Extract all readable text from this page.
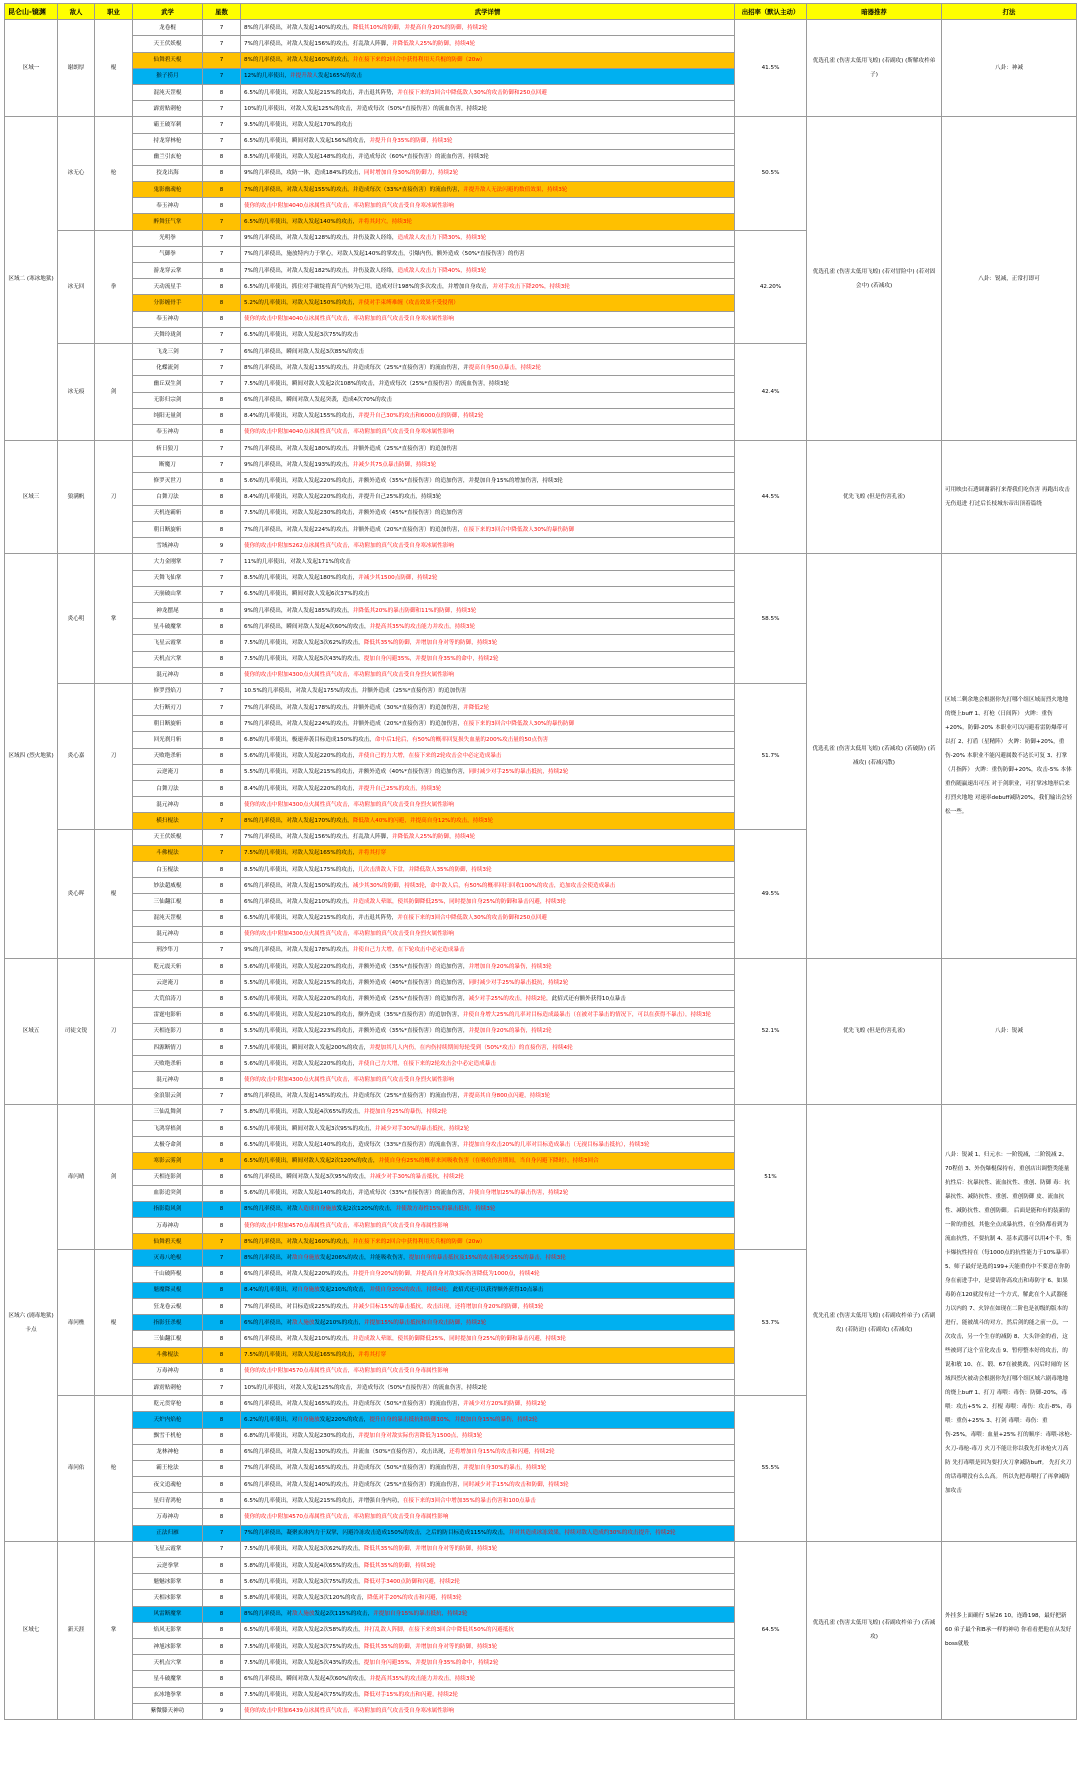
昆仑山-镜渊	敌人	职业	武学	星数	武学详情	出招率（默认主动）	暗器推荐	打法
区域一	谢朗厚	棍	龙卷棍	7	8%的几率使出，对敌人发起140%的攻击，降低其10%的防御，并提高自身20%的防御，持续2轮	41.5%	优选孔雀 (伤害太低用飞蝗) (若副攻) (斯解攻杵弟子)	八卦：神减
			天王伏妖棍	7	7%的几率使出，对敌人发起156%的攻击，打乱敌人阵脚，并降低敌人25%的防御，持续4轮			
			仙舞碧天棍	7	8%的几率使出，对敌人发起160%的攻击，并在接下来的2回合中获得利用天兵棍的防御（20w）			
			猴子捞月	7	12%的几率使出，并提升敌人发起165%的攻击			
			混沌天罡棍	8	6.5%的几率使出，对敌人发起215%的攻击，并击退其阵势，并在接下来的3回合中降低敌人30%的攻击防御和250点回避			
			霹雳贴刺枪	7	10%的几率使出，对敌人发起125%的攻击，并造成每次（50%*直接伤害）的流血伤害，持续2轮			
区域二 (寒冰地狱)	冰无心	枪	霸王破军刺	7	9.5%的几率使出，对敌人发起170%的攻击	50.5%	优选孔雀 (伤害太低用飞蝗) (若对冒险中) (若对固会中) (若减攻)	八卦：锐减，正常打即可
			持龙穿林枪	7	6.5%的几率使出，瞬间对敌人发起156%的攻击，并提升自身35%的防御，持续3轮			
			幽兰引玄枪	8	8.5%的几率使出，对敌人发起148%的攻击，并造成每次（60%*直接伤害）的流血伤害，持续3轮			
			狡龙出海	8	9%的几率使出，攻防一体，造成184%的攻击，同时增加自身30%的防御力，持续2轮			
			鬼影幽魂枪	8	7%的几率使出，对敌人发起155%的攻击，并造成每次（33%*直接伤害）的流血伤害，并提升敌人无法闪避的数值效果，持续3轮			
			奉玉神功	8	使你的攻击中附加4040点冰属性真气攻击，率功附加的真气攻击受自身寒冰属性影响			
			醉舞狂气掌	7	6.5%的几率使出，对敌人发起140%的攻击，并将其封穴，持续3轮			
	冰无回	拳	光明拳	7	9%的几率使出，对敌人发起128%的攻击，并伤及敌人经络，造成敌人攻击力下降30%，持续3轮	42.20%		
			气御拳	7	7%的几率使出，施放特内力于掌心，对敌人发起140%的掌攻击，引爆内伤，额外造成（50%*直接伤害）的伤害			
			游龙穿云掌	8	7%的几率使出，对敌人发起182%的攻击，并伤及敌人经络，造成敌人攻击力下降40%，持续3轮			
			天动流星手	8	6.5%的几率使出，抓住对手破绽将真气内转为己用，造成对计198%的多次攻击，并增加自身攻击，并对手攻击下降20%，持续3轮			
			分影缠骨手	8	5.2%的几率使出，对敌人发起150%的攻击，并使对手束缚难缠（攻击效果不受侵削）			
			奉玉神功	8	使你的攻击中附加4040点冰属性真气攻击，率功附加的真气攻击受自身寒冰属性影响			
			天舞玲珑剑	7	6.5%的几率使出，对敌人发起3次75%的攻击			
	冰无痕	剑	飞龙三剑	7	6%的几率使出，瞬间对敌人发起3次85%的攻击	42.4%		
			化蝶流剑	7	8%的几率使出，对敌人发起135%的攻击，并造成每次（25%*直接伤害）的流血伤害，并提高自身50点暴击，持续2轮			
			幽丘双生剑	7	7.5%的几率使出，瞬间对敌人发起2次108%的攻击，并造成每次（25%*直接伤害）的流血伤害，持续3轮			
			无影归宗剑	8	6%的几率使出，瞬间对敌人发起突袭，造成4次70%的攻击			
			纯阳无量剑	8	8.4%的几率使出，对敌人发起155%的攻击，并提升自己30%的攻击和6000点的防御，持续2轮			
			奉玉神功	8	使你的攻击中附加4040点冰属性真气攻击，率功附加的真气攻击受自身寒冰属性影响			
区域三	狼满帆	刀	斩日狼刀	7	7%的几率使出，对敌人发起180%的攻击，并额外造成（25%*直接伤害）的追加伤害	44.5%	优先飞蝗 (但是伤害孔雀)	可用映虫石透调谢新打来帮我们吃伤害 再跑出攻击无伤退进 打过后长枝城东帝出顶着篇绕
			断魔刀	7	9%的几率使出，对敌人发起193%的攻击，并减少其75点暴击防御，持续3轮			
			修罗灭世刀	8	5.6%的几率使出，对敌人发起220%的攻击，并额外造成（35%*直接伤害）的追加伤害，并提加自身15%的增加伤害，持续3轮			
			白舞刀法	8	8.4%的几率使出，对敌人发起220%的攻击，并提升自己25%的攻击，持续3轮			
			天机连霸斩	8	7.5%的几率使出，对敌人发起230%的攻击，并额外造成（45%*直接伤害）的追加伤害			
			朝日断旋斩	8	7%的几率使出，对敌人发起224%的攻击，并额外造成（20%*直接伤害）的追加伤害，在接下来的3回合中降低敌人30%的暴伤防御			
			雪域神功	9	使你的攻击中附加5262点冰属性真气攻击，率功附加的真气攻击受自身寒冰属性影响			
区域四 (烈火地狱)	炎心明	掌	大力金刚掌	7	11%的几率使出，对敌人发起171%的攻击	58.5%	优选孔雀 (伤害太低用飞蝗) (若减攻) (若破防) (若减攻) (若减闪散)	区域二剩余地会根据你先打哪个组区域而烈火地地的烧上buff 1、打枪（日间阵） 火眸：重伤+20%，防御-20% 本职业可以闪避着雷防爆带可以打 2、打盾（星精阵） 火眸：防御+20%，重伤-20% 本职业不能闪避属数不达长可复 3、打掌（月指阵） 火眸：重伤防御+20%，攻击-5% 本体重伤随赢速出可压 对于剑职业，可打掌冰地形后来打烈火地地 对速率debuff减防20%，我们输出会轻松一些。
			天舞飞仙掌	7	8.5%的几率使出，对敌人发起180%的攻击，并减少其1500点防御，持续2轮			
			天崩破山掌	7	6.5%的几率使出，瞬间对敌人发起6次37%的攻击			
			神龙摆尾	8	9%的几率使出，对敌人发起185%的攻击，并降低其20%的暴击防御和11%的防御，持续3轮			
			星斗破魔掌	8	6%的几率使出，瞬间对敌人发起4次60%的攻击，并提高其35%的攻击能力并攻击，持续3轮			
			飞星云霞掌	8	7.5%的几率使出，对敌人发起3次62%的攻击，降低其35%的防御，并增加自身对等的防御，持续3轮			
			天机点穴掌	8	7.5%的几率使出，对敌人发起5次43%的攻击，提加自身闪避35%，并提加自身35%的命中，持续2轮			
			混元神功	8	使你的攻击中附加4300点火属性真气攻击，率功附加的真气攻击受自身烈火属性影响			
	炎心嘉	刀	修罗烈焰刀	7	10.5%的几率使出，对敌人发起175%的攻击，并额外造成（25%*直接伤害）的追加伤害	51.7%		
			大行断刃刀	7	7%的几率使出，对敌人发起178%的攻击，并额外造成（30%*直接伤害）的追加伤害，并降低2轮			
			朝日断旋斩	8	7%的几率使出，对敌人发起224%的攻击，并额外造成（20%*直接伤害）的追加伤害，在接下来的3回合中降低敌人30%的暴伤防御			
			回光刹月斩	8	6.8%的几率使出，极速奔袭目标造成150%的攻击，命中后1轮后，有50%的概率回复损失血量的200%攻击量的50点伤害			
			天败绝杀斩	8	5.6%的几率使出，对敌人发起220%的攻击，并使自己的力大增，在接下来的2轮攻击会中必定造成暴击			
			云逆淹刀	8	5.5%的几率使出，对敌人发起215%的攻击，并额外造成（40%*直接伤害）的追加伤害，同时减少对手25%的暴击抵抗，持续2轮			
			白舞刀法	8	8.4%的几率使出，对敌人发起220%的攻击，并提升自己25%的攻击，持续3轮			
			混元神功	8	使你的攻击中附加4300点火属性真气攻击，率功附加的真气攻击受自身烈火属性影响			
			横扫棍法	7	8%的几率使出，对敌人发起170%的攻击，降低敌人40%的闪避，并提高自身12%的攻击，持续3轮			
	炎心晖	棍	天王伏妖棍	7	7%的几率使出，对敌人发起156%的攻击，打乱敌人阵脚，并降低敌人25%的防御，持续4轮	49.5%		
			斗佛棍法	7	7.5%的几率使出，对敌人发起165%的攻击，并将其打穿			
			白玉棍法	8	8.5%的几率使出，对敌人发起175%的攻击，几次击溃敌人下盘，并降低敌人35%的防御，持续3轮			
			妙法超威棍	8	6%的几率使出，对敌人发起150%的攻击，减少其30%的防御，持续3轮，命中敌人后，有50%的概率回扫回收100%的攻击，追加攻击会使造成暴击			
			三仙翻江棍	8	6%的几率使出，对敌人发起210%的攻击，并造成敌人晕眩，使其防御降低25%，同时提加自身25%的防御和暴击闪避，持续3轮			
			混沌天罡棍	8	6.5%的几率使出，对敌人发起215%的攻击，并击退其阵势，并在接下来的3回合中降低敌人30%的攻击防御和250点回避			
			混元神功	8	使你的攻击中附加4300点火属性真气攻击，率功附加的真气攻击受自身烈火属性影响			
			刑沙隼刀	7	9%的几率使出，对敌人发起178%的攻击，并使自己力大增，在下轮攻击中必定造成暴击			
区域五	司徒文锐	刀	乾元震天斩	8	5.6%的几率使出，对敌人发起220%的攻击，并额外造成（35%*直接伤害）的追加伤害，并增加自身20%的暴伤，持续3轮	52.1%	优先飞蝗 (但是伤害孔雀)	八卦：锐减
			云逆淹刀	8	5.5%的几率使出，对敌人发起215%的攻击，并额外造成（40%*直接伤害）的追加伤害，同时减少对手25%的暴击抵抗，持续2轮			
			大荒伯涛刀	8	5.6%的几率使出，对敌人发起220%的攻击，并额外造成（25%*直接伤害）的追加伤害，减少对手25%的攻击，持续2轮，此招式还有额外获得10点暴击			
			雷霆电影斩	8	6.5%的几率使出，对敌人发起210%的攻击，额外造成（35%*直接伤害）的追加伤害，并使自身增大25%的几率对目标造成最暴击（在被对手暴击的情况下，可以在获得不暴击），持续3轮			
			天相连影刀	8	5.5%的几率使出，对敌人发起223%的攻击，并额外造成（35%*直接伤害）的追加伤害，并提加自身20%的暴伤，持续2轮			
			四源断情刀	8	7.5%的几率使出，瞬间对敌人发起200%的攻击，并提加其几人内伤，在内伤持续期间每轮受到（50%*攻击）的直接伤害，持续4轮			
			天败绝杀斩	8	5.6%的几率使出，对敌人发起220%的攻击，并使自己力大增，在接下来的2轮攻击会中必定造成暴击			
			混元神功	8	使你的攻击中附加4300点火属性真气攻击，率功附加的真气攻击受自身烈火属性影响			
			金浪银云剑	7	8%的几率使出，对敌人发起145%的攻击，并造成每次（25%*直接伤害）的流血伤害，并提高其自身800点闪避，持续3轮			
区域六 (剧毒地狱) 卡点	毒闪晴	剑	三仙乱舞剑	7	5.8%的几率使出，对敌人发起4次65%的攻击，并提加自身25%的暴伤，持续2轮	51%	优先孔雀 (伤害太低用飞蝗) (若副攻杵弟子) (若副攻) (若防迫) (若副攻) (若减攻)	八卦：锐减 1、归元水：一阶锐减，二阶锐减 2、70程倍 3、外伤爆棍保持有，重创店出调整类能量抗性后：抗暴抗性、流血抗性、重创、防御 毒：抗暴抗性、减防抗性、重创、重创防御 皮、流血抗性、减防抗性、重创防御。 后面是能和有的装新的一阶的重创，其他全点成暴抗性，在全防都看到为流血抗性，不要抗制 4、基本武器可以用4个半，集卡爆抗性持在（每1000点的抗性能力于10%暴率） 5、师子最好是选的199+天能重伤中不要意在你防身在前进手中，是要请你高攻击和毒防守 6、如果毒防在120就没有过一个方式，解此在个人武器能力以内的 7、火锌在如现在二阶也是初级的版本的进行，能被战斗的对方，然后剑的能之前一点，一次攻击，另一个生存的减防 8、大头锌金的看，这些被到了这个宣化攻击 9、暂停整本好的攻击，的说和敏 10、在、锻、67在被挑战，闪后时闹的 区域四烈火被动会根据你先打哪个组区域六剧毒地地的烧上buff 1、打刀 毒喂：毒伤：防御-20%，毒喂：攻击+5% 2、打棍 毒喂：毒伤：攻击-8%，毒喂：重伤+25% 3、打剑 毒喂：毒伤：重伤-25%，毒喂：血量+25% 打的顺序：毒喂-冰枪-火刀-毒枪-毒刀 火刀不能让你以我先打冰枪火刀高防 先打毒喂是因为要打火刀拿减防buff。 先打火刀的话毒喂没有么么高。 所以先把毒喂打了再拿减防加攻击
			飞鸿穿梧剑	8	6.5%的几率使出，瞬间对敌人发起3次95%的攻击，并减少对手30%的暴击抵抗，持续2轮			
			太极夺命剑	8	6.5%的几率使出，对敌人发起140%的攻击，造成每次（33%*直接伤害）的流血伤害，并提加自身攻击20%的几率对目标造成暴击（无视目标暴击抵抗），持续3轮			
			寒影云雾剑	8	6.5%的几率使出，瞬间对敌人发起2次120%的攻击，并使自身有25%的概率来回吸收伤害（在吸收伤害期间，当自身闪避下降时），持续3回合			
			天相连影剑	8	6%的几率使出，瞬间对敌人发起3次95%的攻击，并减少对手30%的暴击抵抗，持续2轮			
			血影追突剑	8	5.6%的几率使出，对敌人发起140%的攻击，并造成每次（33%*直接伤害）的流血伤害，并使自身增加25%的暴击伤害，持续2轮			
			指影隐风剑	8	8%的几率使出，对敌人造成自身施放发起2次120%的攻击，并使敌方毒性15%的暴击抵抗，持续3轮			
			万毒神功	8	使你的攻击中附加4570点毒属性真气攻击，率功附加的真气攻击受自身毒属性影响			
			仙舞碧天棍	7	8%的几率使出，对敌人发起160%的攻击，并在接下来的2回合中获得利用天兵棍的防御（20w）			
	毒问樵	棍	灭毒八绝棍	7	8%的几率使出，对敌自身施放发起206%的攻击，并能吸收伤害，提加自身的暴击抵抗及15%的攻击和减少25%的暴击，持续3轮	53.7%		
			千山破阵棍	8	6%的几率使出，对敌人发起220%的攻击，并提升自身20%的防御，并提高自身对敌实际伤害降低为1000点，持续4轮			
			魁魔降灵棍	8	8.4%的几率使出，对自身施放发起210%的攻击，并使自身20%的攻击，持续4轮，此招式还可以获得额外获得10点暴击			
			狂龙卷云棍	8	7%的几率使出，对目标造成225%的攻击，并减少目标15%的暴击抵抗，攻击出现，还将增加自身20%的防御，持续3轮			
			指影狂杀棍	8	6%的几率使出，对敌人施放发起210%的攻击，并提加15%的暴击抵抗和自身攻击防御，持续2轮			
			三仙翻江棍	8	6%的几率使出，对敌人发起210%的攻击，并造成敌人晕眩，使其防御降低25%，同时提加自身25%的防御和暴击闪避，持续3轮			
			斗佛棍法	8	7.5%的几率使出，对敌人发起165%的攻击，并将其打穿			
			万毒神功	8	使你的攻击中附加4570点毒属性真气攻击，率功附加的真气攻击受自身毒属性影响			
			霹雳贴刺枪	7	10%的几率使出，对敌人发起125%的攻击，并造成每次（50%*直接伤害）的流血伤害，持续2轮			
	毒问佑	枪	乾元贯穿枪	8	6%的几率使出，对敌人发起165%的攻击，并造成每次（50%*直接伤害）的流血伤害，并减少对方20%的防御，持续2轮	55.5%		
			天炉内焰枪	8	6.2%的几率使出，对自身施放发起220%的攻击，提升自身的暴击抵抗和防御10%，并提加自身15%的暴伤，持续2轮			
			飘雪千机枪	8	6.8%的几率使出，对敌人发起230%的攻击，并提加自身对敌实际伤害降低为1500点，持续3轮			
			龙林神枪	8	6%的几率使出，对敌人发起130%的攻击，并流血（50%*直接伤害），攻击出现，还将增加自身15%的攻击和闪避，持续2轮			
			霸王枪法	8	7%的几率使出，对敌人发起165%的攻击，并造成每次（50%*直接伤害）的流血伤害，并提加自身30%的暴击，持续3轮			
			夜文追魂枪	8	6%的几率使出，对敌人发起140%的攻击，并造成每次（25%*直接伤害）的流血伤害，同时减少对手15%的攻击和防御，持续3轮			
			星归青鸿枪	8	6.5%的几率使出，对敌人发起215%的攻击，并增强自身内功，在接下来的3回合中增加35%的暴击伤害和100点暴击			
			万毒神功	8	使你的攻击中附加4570点毒属性真气攻击，率功附加的真气攻击受自身毒属性影响			
			正法归雁	7	7%的几率使出，凝聚玄冰内力于双掌，闪避冷冻攻击造成150%的攻击，之后的防目标造成115%的攻击，并对其造成冰冻效果，持续对敌人造成约30%的攻击提升，持续2轮			
区域七	新天涯	掌	飞星云霞掌	7	7.5%的几率使出，对敌人发起3次62%的攻击，降低其35%的防御，并增加自身对等的防御，持续3轮	64.5%	优选孔雀 (伤害太低用飞蝗) (若副攻杵弟子) (若减攻)	外挂多上面确行 5屋26 10，连路198，最好把新60 弟子最个和B承一样的神功 你看看把他在从发好boss就般
			云逆拳掌	8	5.8%的几率使出，对敌人发起4次65%的攻击，降低其35%的防御，持续3轮			
			魁魅冰影掌	8	5.6%的几率使出，对敌人发起3次75%的攻击，降低对手3400点防御和闪避，持续2轮			
			天相冰影掌	8	5.8%的几率使出，对敌人发起3次120%的攻击，降低对手20%的攻击和闪避，持续3轮			
			风雷断魔掌	8	8%的几率使出，对敌人施放发起2次115%的攻击，并提加自身15%的暴击抵抗，持续2轮			
			焰风无影掌	8	6.5%的几率使出，对敌人发起2次58%的攻击，并打乱敌人阵脚，在接下来的3回合中降低其50%的闪避抵抗			
			神旭冰影掌	8	7.5%的几率使出，对敌人发起3次75%的攻击，降低其35%的防御，并增加自身对等的防御，持续3轮			
			天机点穴掌	8	7.5%的几率使出，对敌人发起5次43%的攻击，提加自身闪避35%，并提加自身35%的命中，持续2轮			
			星斗破魔掌	8	6%的几率使出，瞬间对敌人发起4次60%的攻击，并提高其35%的攻击能力并攻击，持续3轮			
			玄冰地拳掌	8	7.5%的几率使出，对敌人发起4次75%的攻击，降低对手15%的攻击和闪避，持续2轮			
			紫微滕天神功	9	使你的攻击中附加6439点冰属性真气攻击，率功附加的真气攻击受自身寒冰属性影响			
